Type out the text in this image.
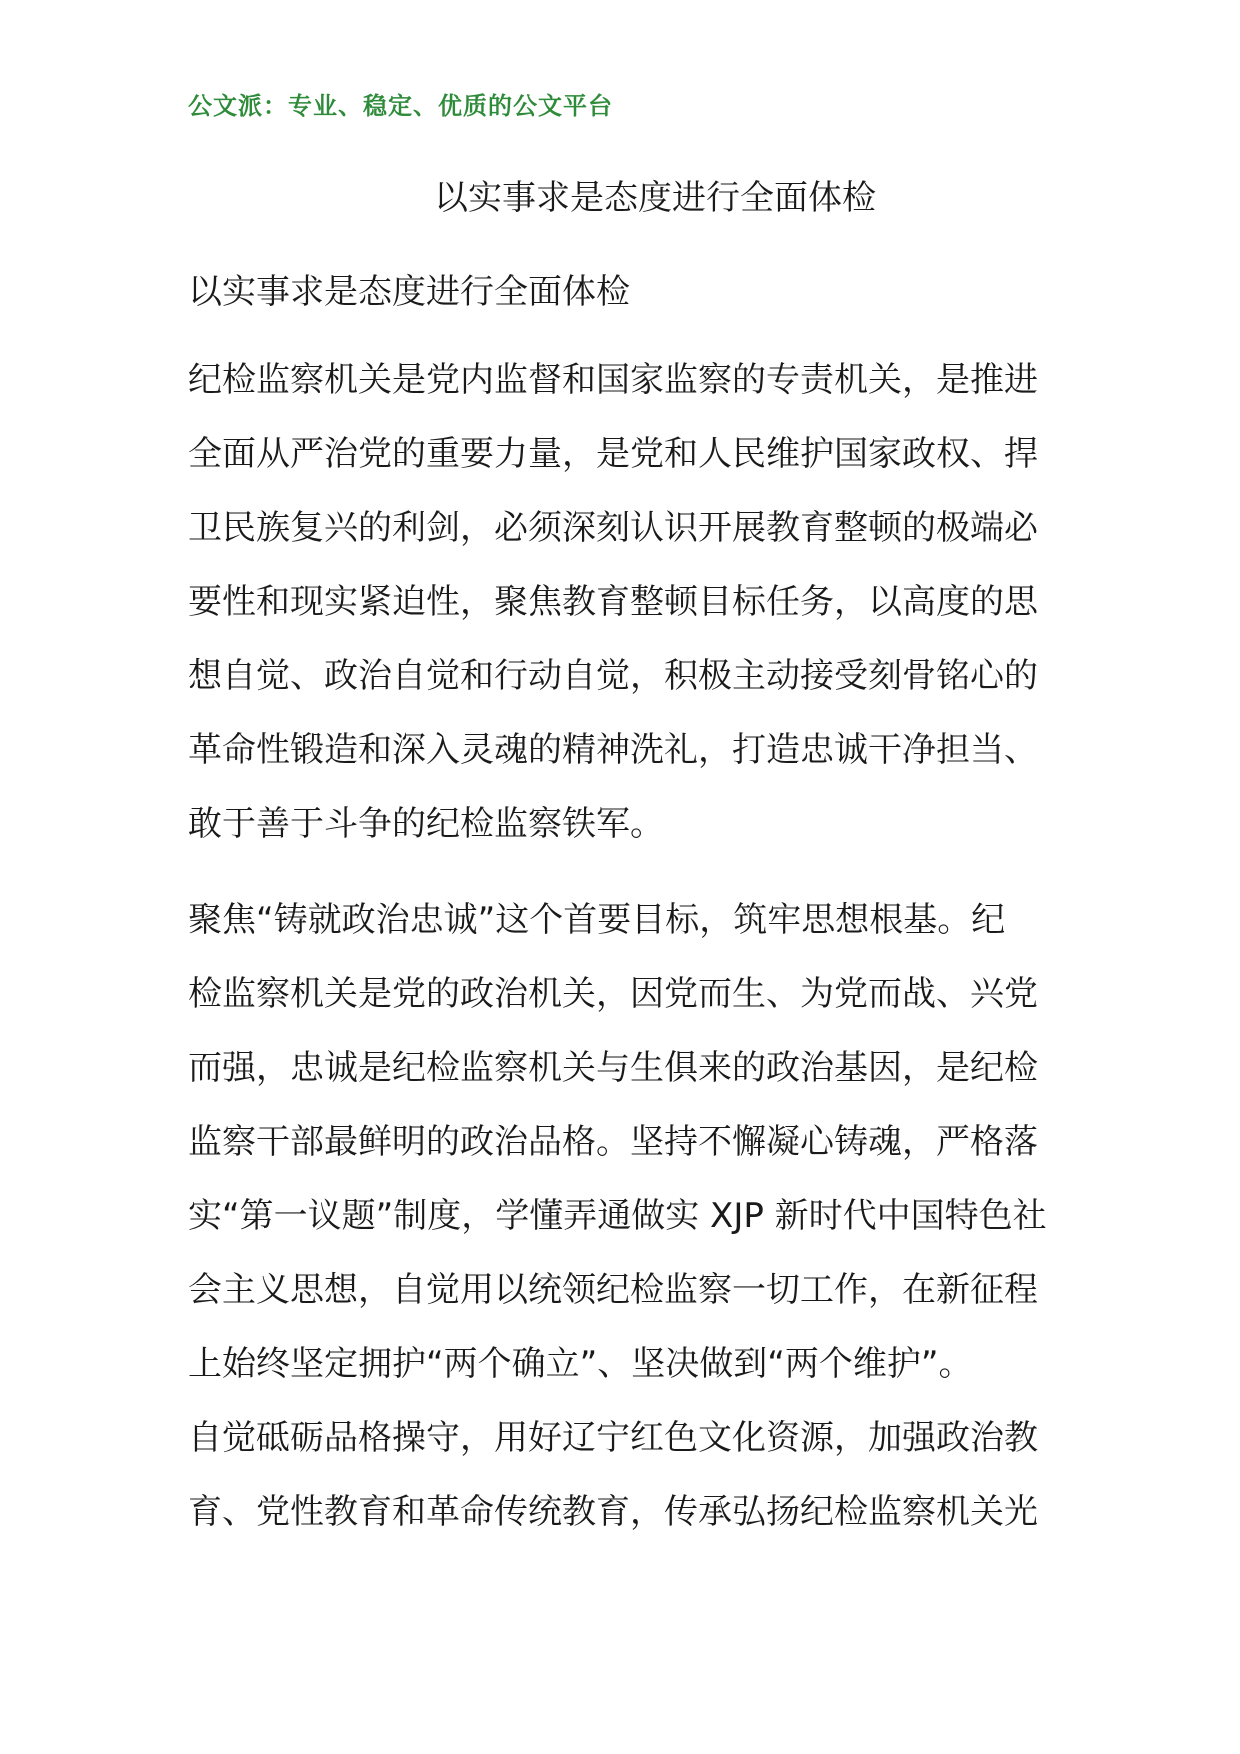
公文派：专业、稳定、优质的公文平台
以实事求是态度进行全面体检
以实事求是态度进行全面体检
纪检监察机关是党内监督和国家监察的专责机关，是推进
全面从严治党的重要力量，是党和人民维护国家政权、捍
卫民族复兴的利剑，必须深刻认识开展教育整顿的极端必
要性和现实紧迫性，聚焦教育整顿目标任务，以高度的思
想自觉、政治自觉和行动自觉，积极主动接受刻骨铭心的
革命性锻造和深入灵魂的精神洗礼，打造忠诚干净担当、
敢于善于斗争的纪检监察铁军。
聚焦“铸就政治忠诚”这个首要目标，筑牢思想根基。纪
检监察机关是党的政治机关，因党而生、为党而战、兴党
而强，忠诚是纪检监察机关与生俱来的政治基因，是纪检
监察干部最鲜明的政治品格。坚持不懈凝心铸魂，严格落
实“第一议题”制度，学懂弄通做实 XJP 新时代中国特色社
会主义思想，自觉用以统领纪检监察一切工作，在新征程
上始终坚定拥护“两个确立”、坚决做到“两个维护”。
自觉砥砺品格操守，用好辽宁红色文化资源，加强政治教
育、党性教育和革命传统教育，传承弘扬纪检监察机关光
